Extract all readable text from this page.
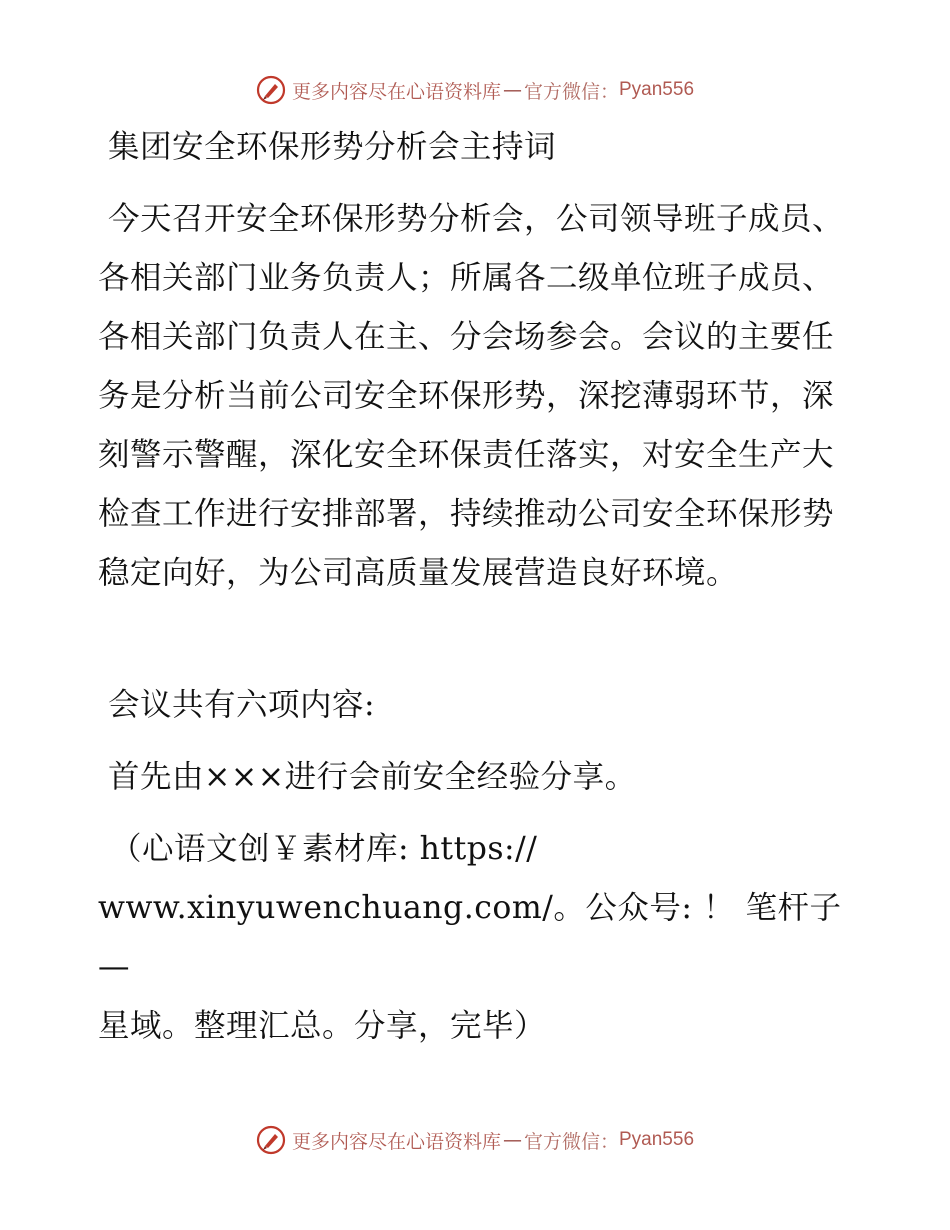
更多内容尽在心语资料库 — 官方微信： Pyan556
集团安全环保形势分析会主持词
今天召开安全环保形势分析会，公司领导班子成员、各相关部门业务负责人；所属各二级单位班子成员、各相关部门负责人在主、分会场参会。会议的主要任务是分析当前公司安全环保形势，深挖薄弱环节，深刻警示警醒，深化安全环保责任落实，对安全生产大检查工作进行安排部署，持续推动公司安全环保形势稳定向好，为公司高质量发展营造良好环境。
会议共有六项内容:
首先由×××进行会前安全经验分享。
（心语文创￥素材库: https://
www.xinyuwenchuang.com/。公众号: ！ 笔杆子—
星域。整理汇总。分享，完毕）
更多内容尽在心语资料库 — 官方微信： Pyan556
